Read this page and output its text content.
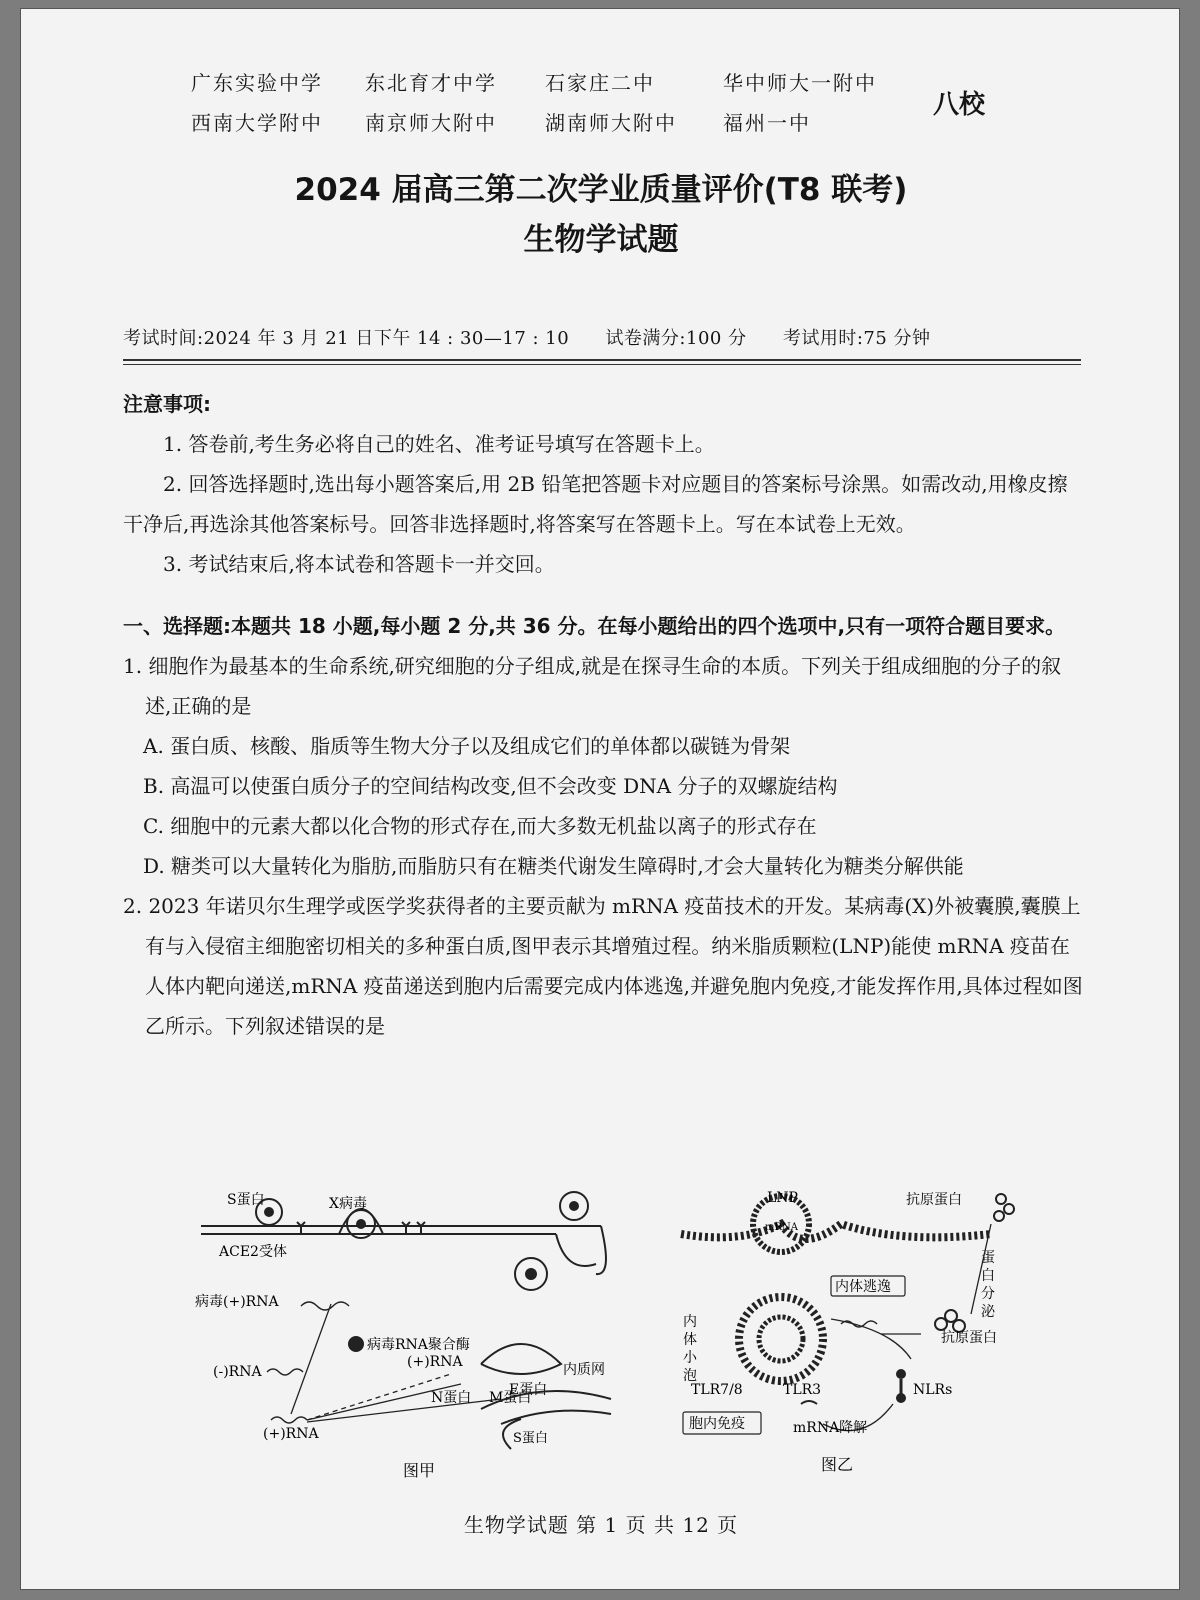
广东实验中学	东北育才中学	石家庄二中	华中师大一附中
西南大学附中	南京师大附中	湖南师大附中	福州一中
八校
2024 届高三第二次学业质量评价(T8 联考)
生物学试题
考试时间:2024 年 3 月 21 日下午 14 : 30—17 : 10 试卷满分:100 分 考试用时:75 分钟

注意事项:

1. 答卷前,考生务必将自己的姓名、准考证号填写在答题卡上。

2. 回答选择题时,选出每小题答案后,用 2B 铅笔把答题卡对应题目的答案标号涂黑。如需改动,用橡皮擦干净后,再选涂其他答案标号。回答非选择题时,将答案写在答题卡上。写在本试卷上无效。

3. 考试结束后,将本试卷和答题卡一并交回。

一、选择题:本题共 18 小题,每小题 2 分,共 36 分。在每小题给出的四个选项中,只有一项符合题目要求。

1. 细胞作为最基本的生命系统,研究细胞的分子组成,就是在探寻生命的本质。下列关于组成细胞的分子的叙述,正确的是

A. 蛋白质、核酸、脂质等生物大分子以及组成它们的单体都以碳链为骨架

B. 高温可以使蛋白质分子的空间结构改变,但不会改变 DNA 分子的双螺旋结构

C. 细胞中的元素大都以化合物的形式存在,而大多数无机盐以离子的形式存在

D. 糖类可以大量转化为脂肪,而脂肪只有在糖类代谢发生障碍时,才会大量转化为糖类分解供能

2. 2023 年诺贝尔生理学或医学奖获得者的主要贡献为 mRNA 疫苗技术的开发。某病毒(X)外被囊膜,囊膜上有与入侵宿主细胞密切相关的多种蛋白质,图甲表示其增殖过程。纳米脂质颗粒(LNP)能使 mRNA 疫苗在人体内靶向递送,mRNA 疫苗递送到胞内后需要完成内体逃逸,并避免胞内免疫,才能发挥作用,具体过程如图乙所示。下列叙述错误的是

S蛋白	X病毒
ACE2受体
病毒(+)RNA
病毒RNA聚合酶
(-)RNA
(+)RNA
(+)RNA
E蛋白
内质网
N蛋白 M蛋白
S蛋白
图甲
LNP
mRNA
抗原蛋白
内体逃逸
蛋
白
分
泌
内
体
小
泡
抗原蛋白
NLRs
TLR7/8	TLR3
胞内免疫	mRNA降解
图乙
生物学试题 第 1 页 共 12 页
